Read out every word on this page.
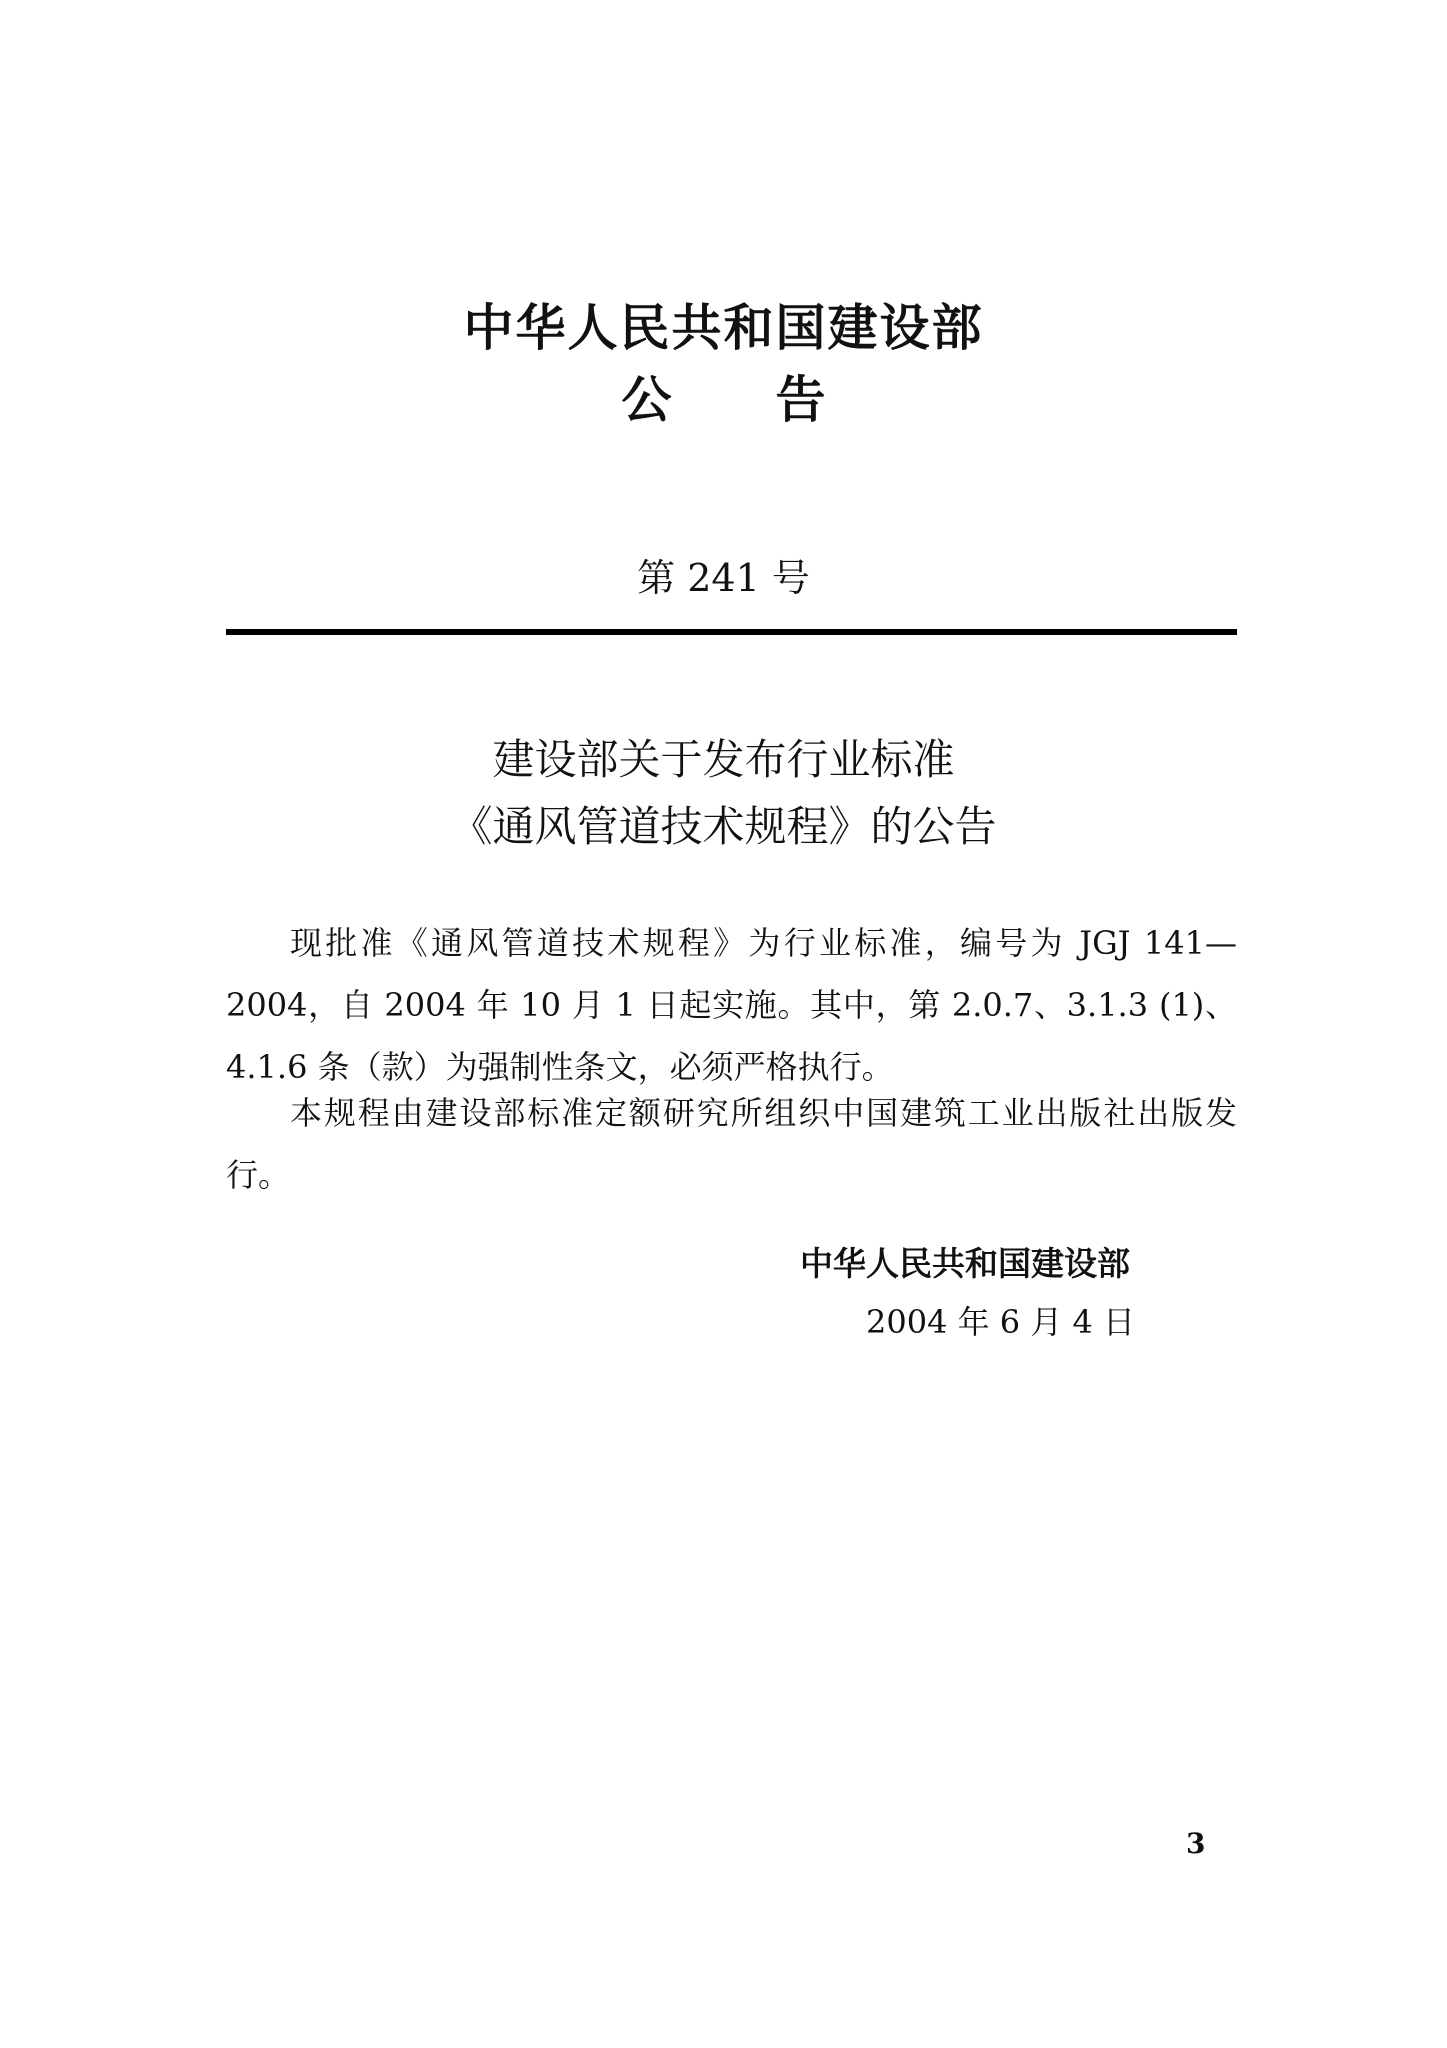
中华人民共和国建设部
公告
第 241 号
建设部关于发布行业标准
《通风管道技术规程》的公告
现批准《通风管道技术规程》为行业标准，编号为 JGJ 141—2004，自 2004 年 10 月 1 日起实施。其中，第 2.0.7、3.1.3 (1)、4.1.6 条（款）为强制性条文，必须严格执行。
本规程由建设部标准定额研究所组织中国建筑工业出版社出版发行。
中华人民共和国建设部
2004 年 6 月 4 日
3
